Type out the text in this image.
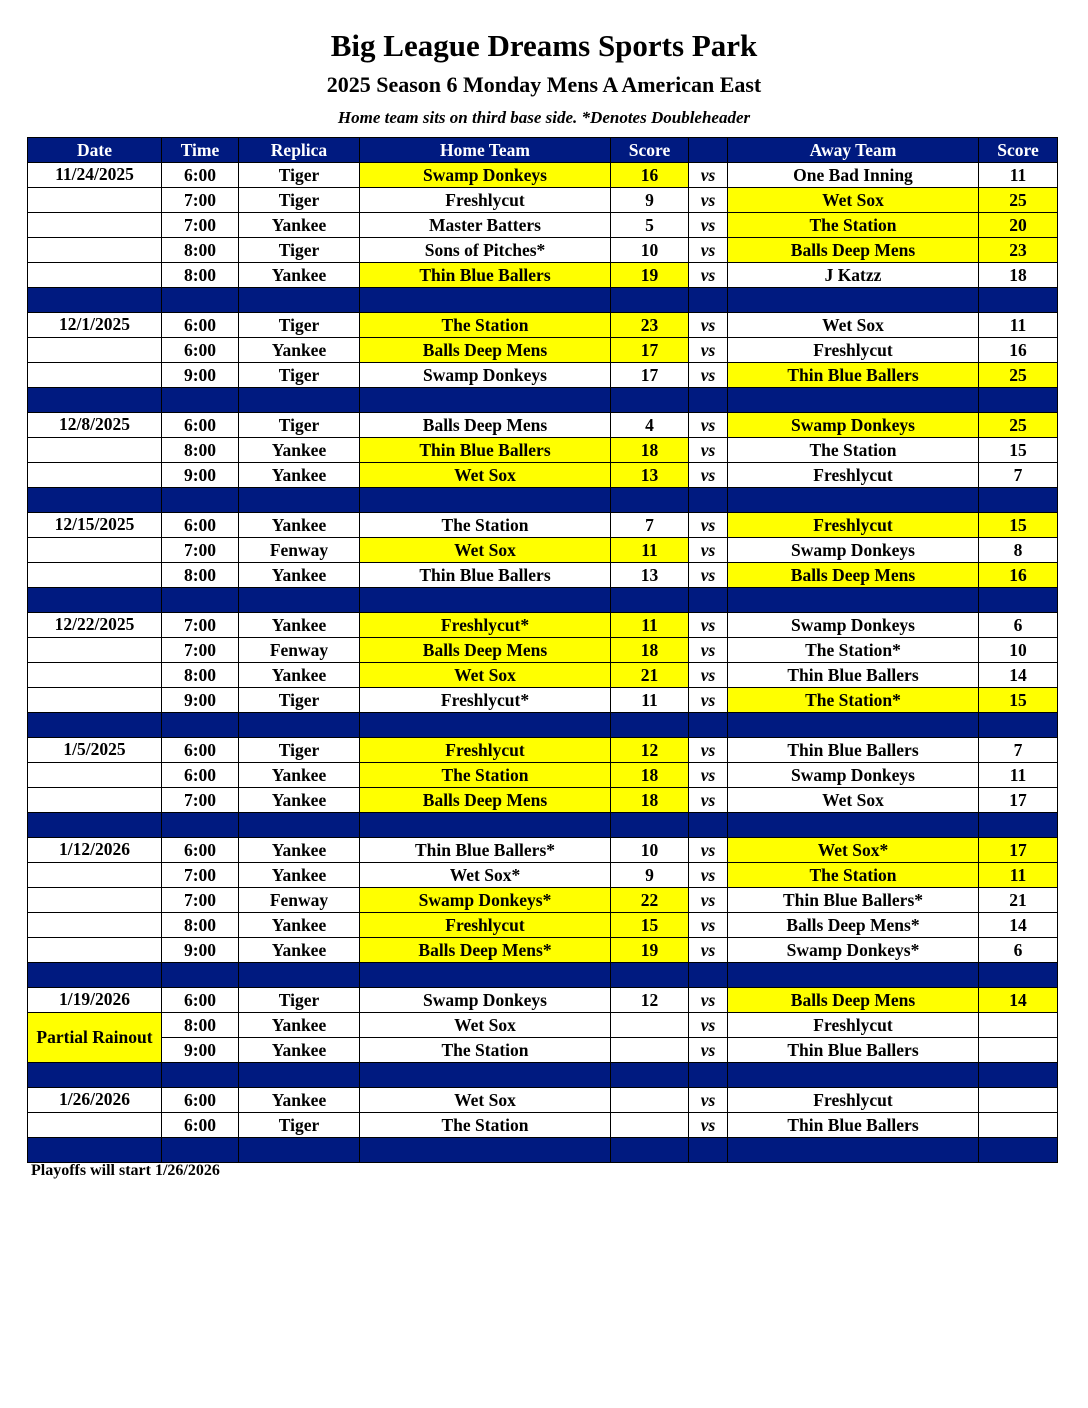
Big League Dreams Sports Park
2025 Season 6 Monday Mens A American East
Home team sits on third base side. *Denotes Doubleheader
Date	Time	Replica	Home Team	Score		Away Team	Score
11/24/2025	6:00	Tiger	Swamp Donkeys	16	vs	One Bad Inning	11
	7:00	Tiger	Freshlycut	9	vs	Wet Sox	25
	7:00	Yankee	Master Batters	5	vs	The Station	20
	8:00	Tiger	Sons of Pitches*	10	vs	Balls Deep Mens	23
	8:00	Yankee	Thin Blue Ballers	19	vs	J Katzz	18

12/1/2025	6:00	Tiger	The Station	23	vs	Wet Sox	11
	6:00	Yankee	Balls Deep Mens	17	vs	Freshlycut	16
	9:00	Tiger	Swamp Donkeys	17	vs	Thin Blue Ballers	25

12/8/2025	6:00	Tiger	Balls Deep Mens	4	vs	Swamp Donkeys	25
	8:00	Yankee	Thin Blue Ballers	18	vs	The Station	15
	9:00	Yankee	Wet Sox	13	vs	Freshlycut	7

12/15/2025	6:00	Yankee	The Station	7	vs	Freshlycut	15
	7:00	Fenway	Wet Sox	11	vs	Swamp Donkeys	8
	8:00	Yankee	Thin Blue Ballers	13	vs	Balls Deep Mens	16

12/22/2025	7:00	Yankee	Freshlycut*	11	vs	Swamp Donkeys	6
	7:00	Fenway	Balls Deep Mens	18	vs	The Station*	10
	8:00	Yankee	Wet Sox	21	vs	Thin Blue Ballers	14
	9:00	Tiger	Freshlycut*	11	vs	The Station*	15

1/5/2025	6:00	Tiger	Freshlycut	12	vs	Thin Blue Ballers	7
	6:00	Yankee	The Station	18	vs	Swamp Donkeys	11
	7:00	Yankee	Balls Deep Mens	18	vs	Wet Sox	17

1/12/2026	6:00	Yankee	Thin Blue Ballers*	10	vs	Wet Sox*	17
	7:00	Yankee	Wet Sox*	9	vs	The Station	11
	7:00	Fenway	Swamp Donkeys*	22	vs	Thin Blue Ballers*	21
	8:00	Yankee	Freshlycut	15	vs	Balls Deep Mens*	14
	9:00	Yankee	Balls Deep Mens*	19	vs	Swamp Donkeys*	6

1/19/2026	6:00	Tiger	Swamp Donkeys	12	vs	Balls Deep Mens	14
Partial Rainout	8:00	Yankee	Wet Sox		vs	Freshlycut	
	9:00	Yankee	The Station		vs	Thin Blue Ballers	

1/26/2026	6:00	Yankee	Wet Sox		vs	Freshlycut	
	6:00	Tiger	The Station		vs	Thin Blue Ballers	

Playoffs will start 1/26/2026
